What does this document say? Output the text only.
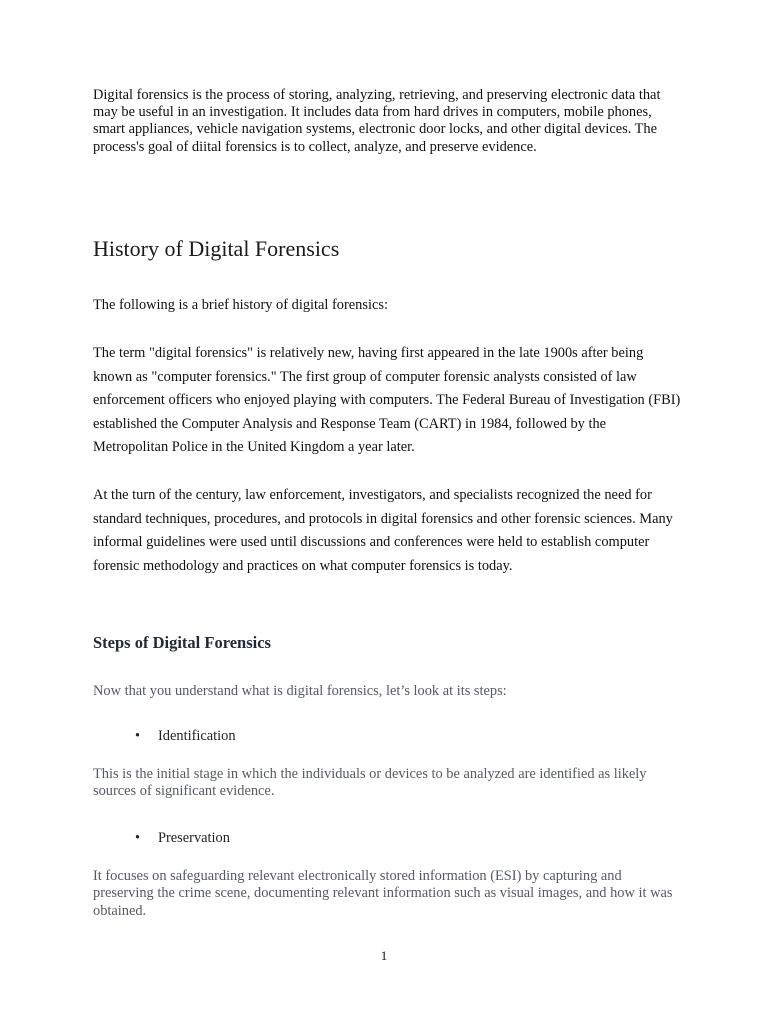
Digital forensics is the process of storing, analyzing, retrieving, and preserving electronic data that may be useful in an investigation. It includes data from hard drives in computers, mobile phones, smart appliances, vehicle navigation systems, electronic door locks, and other digital devices. The process's goal of diital forensics is to collect, analyze, and preserve evidence.

History of Digital Forensics

The following is a brief history of digital forensics:

The term "digital forensics" is relatively new, having first appeared in the late 1900s after being known as "computer forensics." The first group of computer forensic analysts consisted of law enforcement officers who enjoyed playing with computers. The Federal Bureau of Investigation (FBI) established the Computer Analysis and Response Team (CART) in 1984, followed by the Metropolitan Police in the United Kingdom a year later.

At the turn of the century, law enforcement, investigators, and specialists recognized the need for standard techniques, procedures, and protocols in digital forensics and other forensic sciences. Many informal guidelines were used until discussions and conferences were held to establish computer forensic methodology and practices on what computer forensics is today.

Steps of Digital Forensics

Now that you understand what is digital forensics, let’s look at its steps:

• Identification

This is the initial stage in which the individuals or devices to be analyzed are identified as likely sources of significant evidence.

• Preservation

It focuses on safeguarding relevant electronically stored information (ESI) by capturing and preserving the crime scene, documenting relevant information such as visual images, and how it was obtained.

1
